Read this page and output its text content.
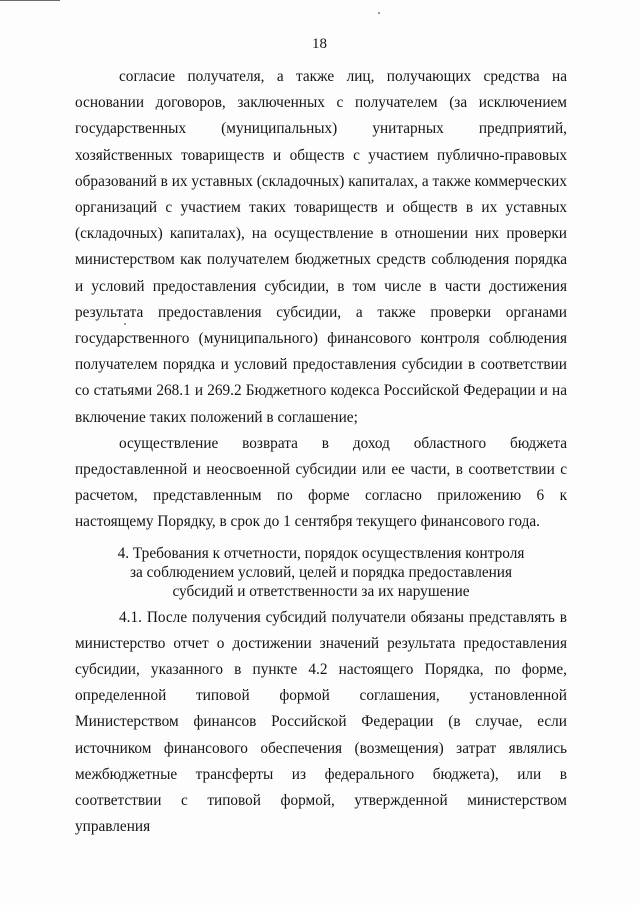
18

согласие получателя, а также лиц, получающих средства на основании договоров, заключенных с получателем (за исключением государственных (муниципальных) унитарных предприятий, хозяйственных товариществ и обществ с участием публично-правовых образований в их уставных (складочных) капиталах, а также коммерческих организаций с участием таких товариществ и обществ в их уставных (складочных) капиталах), на осуществление в отношении них проверки министерством как получателем бюджетных средств соблюдения порядка и условий предоставления субсидии, в том числе в части достижения результата предоставления субсидии, а также проверки органами государственного (муниципального) финансового контроля соблюдения получателем порядка и условий предоставления субсидии в соответствии со статьями 268.1 и 269.2 Бюджетного кодекса Российской Федерации и на включение таких положений в соглашение;

осуществление возврата в доход областного бюджета предоставленной и неосвоенной субсидии или ее части, в соответствии с расчетом, представленным по форме согласно приложению 6 к настоящему Порядку, в срок до 1 сентября текущего финансового года.

4. Требования к отчетности, порядок осуществления контроля
за соблюдением условий, целей и порядка предоставления
субсидий и ответственности за их нарушение

4.1. После получения субсидий получатели обязаны представлять в министерство отчет о достижении значений результата предоставления субсидии, указанного в пункте 4.2 настоящего Порядка, по форме, определенной типовой формой соглашения, установленной Министерством финансов Российской Федерации (в случае, если источником финансового обеспечения (возмещения) затрат являлись межбюджетные трансферты из федерального бюджета), или в соответствии с типовой формой, утвержденной министерством управления
